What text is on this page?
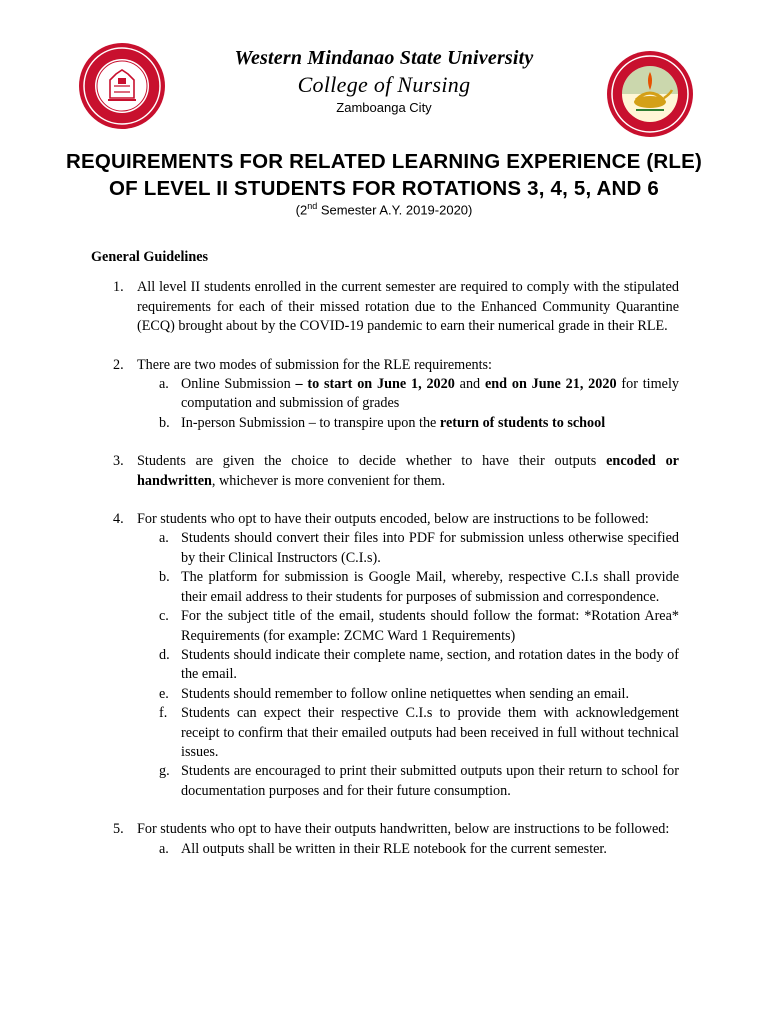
Western Mindanao State University
College of Nursing
Zamboanga City
REQUIREMENTS FOR RELATED LEARNING EXPERIENCE (RLE)
OF LEVEL II STUDENTS FOR ROTATIONS 3, 4, 5, AND 6
(2nd Semester A.Y. 2019-2020)

General Guidelines

1. All level II students enrolled in the current semester are required to comply with the stipulated requirements for each of their missed rotation due to the Enhanced Community Quarantine (ECQ) brought about by the COVID-19 pandemic to earn their numerical grade in their RLE.
2. There are two modes of submission for the RLE requirements:
a. Online Submission – to start on June 1, 2020 and end on June 21, 2020 for timely computation and submission of grades
b. In-person Submission – to transpire upon the return of students to school
3. Students are given the choice to decide whether to have their outputs encoded or handwritten, whichever is more convenient for them.
4. For students who opt to have their outputs encoded, below are instructions to be followed:
a. Students should convert their files into PDF for submission unless otherwise specified by their Clinical Instructors (C.I.s).
b. The platform for submission is Google Mail, whereby, respective C.I.s shall provide their email address to their students for purposes of submission and correspondence.
c. For the subject title of the email, students should follow the format: *Rotation Area* Requirements (for example: ZCMC Ward 1 Requirements)
d. Students should indicate their complete name, section, and rotation dates in the body of the email.
e. Students should remember to follow online netiquettes when sending an email.
f. Students can expect their respective C.I.s to provide them with acknowledgement receipt to confirm that their emailed outputs had been received in full without technical issues.
g. Students are encouraged to print their submitted outputs upon their return to school for documentation purposes and for their future consumption.
5. For students who opt to have their outputs handwritten, below are instructions to be followed:
a. All outputs shall be written in their RLE notebook for the current semester.
